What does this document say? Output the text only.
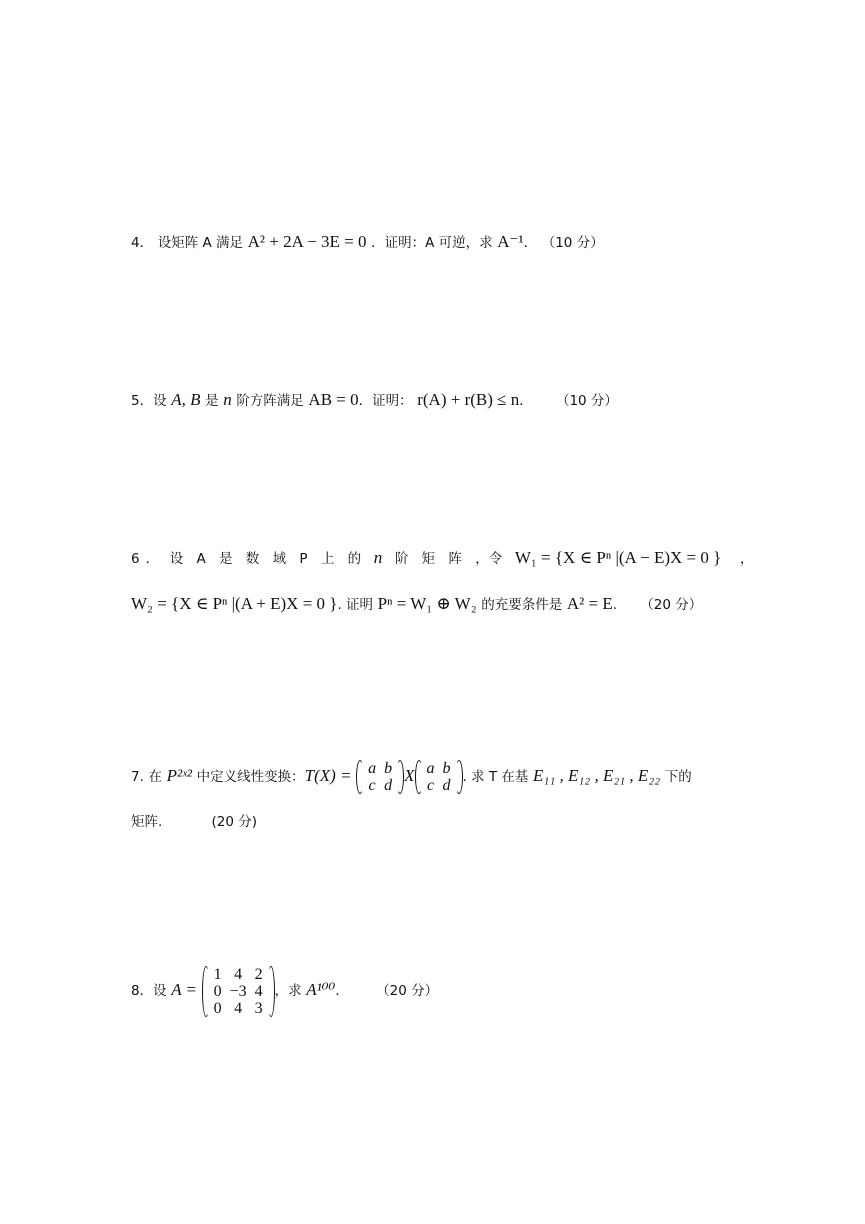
4． 设矩阵 A 满足 A² + 2A − 3E = 0 ．证明：A 可逆，求 A⁻¹． （10 分）
5．设 A, B 是 n 阶方阵满足 AB = 0．证明： r(A) + r(B) ≤ n． （10 分）
6． 设 A 是 数 域 P 上 的 n 阶 矩 阵 ，令 W₁ = {X ∈ Pⁿ |(A − E)X = 0 } ，
W₂ = {X ∈ Pⁿ |(A + E)X = 0 }. 证明 Pⁿ = W₁ ⊕ W₂ 的充要条件是 A² = E. （20 分）
7. 在 P²ˣ² 中定义线性变换：T(X) = a	b
c	d
X a	b
c	d . 求 T 在基 E₁₁ , E₁₂ , E₂₁ , E₂₂ 下的
矩阵.	(20 分)
8．设 A =
1	4	2
0	−3	4
0	4	3
，求 A¹⁰⁰． （20 分）
